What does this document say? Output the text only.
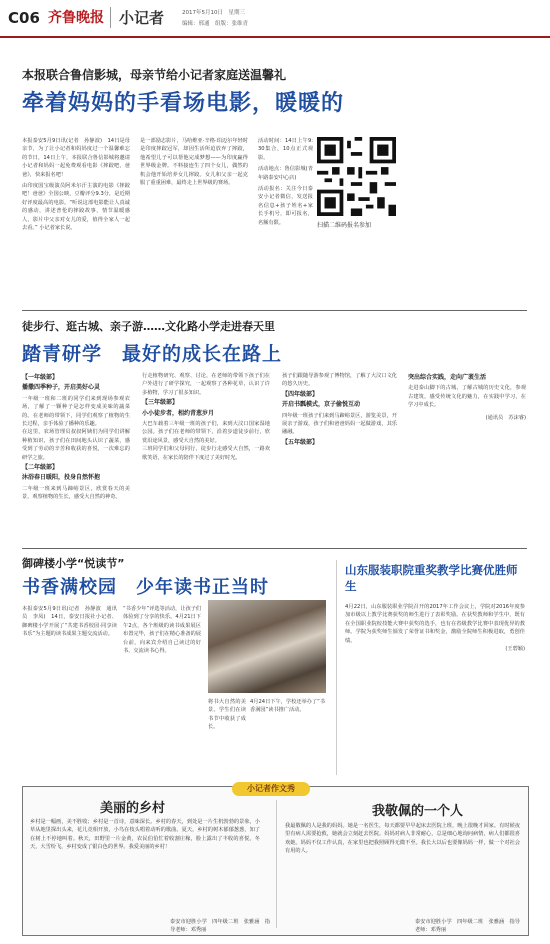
C06 齐鲁晚报	小记者	2017年5月10日　星期三
编辑：邢通　组版：张维青
本报联合鲁信影城，母亲节给小记者家庭送温馨礼
牵着妈妈的手看场电影，暖暖的
本报泰安5月9日讯(记者　孙静波)　14日是母亲节，为了让小记者和妈妈度过一个温馨难忘的节日，14日上午，本报联合鲁信影城将邀请小记者和妈妈一起免费观看电影《摔跤吧，爸爸》，快来报名吧！
由印度国宝级演员阿米尔汗主演的电影《摔跤吧！爸爸》全国公映，豆瓣评分9.3分，是近期好评度最高的电影。“听说这部电影能让人真诚的感动，讲述普伦的摔跤故事，情节温暖感人，影片中父亲对女儿的爱，值得全家人一起去看。” 小记者家长说。
是一部励志影片，马哈维亚·辛格·珀迈尔年轻时是印度摔跤冠军，却因生活所迫放弃了摔跤，他希望儿子可以帮他完成梦想——为印度赢得世界级金牌。不料接连生了四个女儿，偶然的机会他开始培养女儿摔跤。女儿和父亲一起克服了重重困难，最终走上世界级的赛场。
活动时间：14日上午9:30集合，10点正式观影。
活动地点：鲁信影城(青年路泰安中心店)
活动报名：关注今日泰安小记者微信，发送报名信息+孩子姓名+家长手机号，即可报名，名额有限。	扫描二维码报名参加
徒步行、逛古城、亲子游……文化路小学走进春天里
踏青研学　最好的成长在路上
【一年级部】
播撒四季种子，开启美好心灵
一年级一班和二班的同学们来到现场参观农场，了解了一颗种子是怎样变成美味的蔬菜的。在老师的带领下，同学们观察了植物的生长过程，亲手体验了播种的乐趣。
在这里，农场管理员叔叔阿姨们为同学们讲解种植知识，孩子们在田间地头认识了蔬菜，感受到了劳动的辛苦和收获的喜悦，一次难忘的研学之旅。
【二年级部】
沐浴春日暖阳，投身自然怀抱
二年级一班来到马蹄峪景区，欣赏春天的美景，观察植物的生长，感受大自然的神奇。
行走植物研究、观察、讨论，在老师的带领下孩子们在户外进行了研学探究，一起观察了各种花草，认识了许多植物，学习了很多知识。
【三年级部】
小小徒步者，相约青葱岁月
大巴车载着三年级一班的孩子们，来到大汶口国家湿地公园。孩子们在老师的带领下，沿着步道徒步前行，欣赏沿途风景，感受大自然的美好。
三班同学们和父母同行，徒步行走感受大自然，一路欢歌笑语，在家长的陪伴下度过了美好时光。
孩子们跟随导游参观了博物馆，了解了大汶口文化的悠久历史。
【四年级部】
开启书瓢模式，京子偷悦互动
四年级一班孩子们来到马蹄峪景区，游览美景，开展亲子游戏，孩子们和爸爸妈妈一起做游戏，其乐融融。
【五年级部】
突出综合实践，走向广袤生活
走进泰山脚下的古城，了解古城的历史文化，参观古建筑，感受传统文化的魅力，在实践中学习，在学习中成长。
(通讯员　苏沫睿)
御碑楼小学“悦读节”
书香满校园　少年读书正当时
本报泰安5月9日讯(记者　孙静波　通讯员　李凤)　14日，泰安日报社小记者、御碑楼小学开展了“共建书香校园·同享读书乐”为主题的读书成果主题交流活动。
“书香少年”评选等活动，让孩子们体验到了分享的快乐。4月21日下午2点，各个班级的读书成果展区布置完毕，孩子们在精心准备的展台前，向来宾介绍自己读过的好书，交流读书心得。
4月24日下午，学校还举办了“书香满园”读书推广活动。
将书大自然的美景。学生们在读书节中收获了成长。
山东服装职院重奖教学比赛优胜师生
4月22日，山东服装职业学院召开的2017年工作会议上，学院对2016年度参加市级以上教学比赛获奖的师生进行了表彰奖励。在获奖教师和学生中，既有在全国职业院校技能大赛中获奖的选手，也有在省级教学比赛中表现优异的教师。学院为获奖师生颁发了荣誉证书和奖金，激励全院师生积极进取，勇创佳绩。
(王碧颖)
小记者作文秀
美丽的乡村
乡村是一幅画，美不胜收；乡村是一首诗，意味深长。乡村的春天，到处是一片生机勃勃的景象，小草从地里探出头来，花儿竞相开放，小鸟在枝头唱着动听的歌曲。夏天，乡村的树木郁郁葱葱，知了在树上不停地叫着。秋天，田野里一片金黄，农民伯伯忙着收割庄稼，脸上露出了丰收的喜悦。冬天，大雪纷飞，乡村变成了银白色的世界。我爱美丽的乡村！
泰安市迎胜小学　四年级二班　张雅涵　指导老师：邓秀丽
我敬佩的一个人
我最敬佩的人是我的妈妈。她是一名医生，每天都要早早起床去医院上班，晚上很晚才回家。有时候夜里有病人需要抢救，她就会立刻赶去医院。妈妈对病人非常耐心，总是细心地询问病情，病人们都很喜欢她。妈妈不仅工作认真，在家里也把我照顾得无微不至。我长大以后也要像妈妈一样，做一个对社会有用的人。
泰安市迎胜小学　四年级二班　张雅涵　指导老师：邓秀丽
